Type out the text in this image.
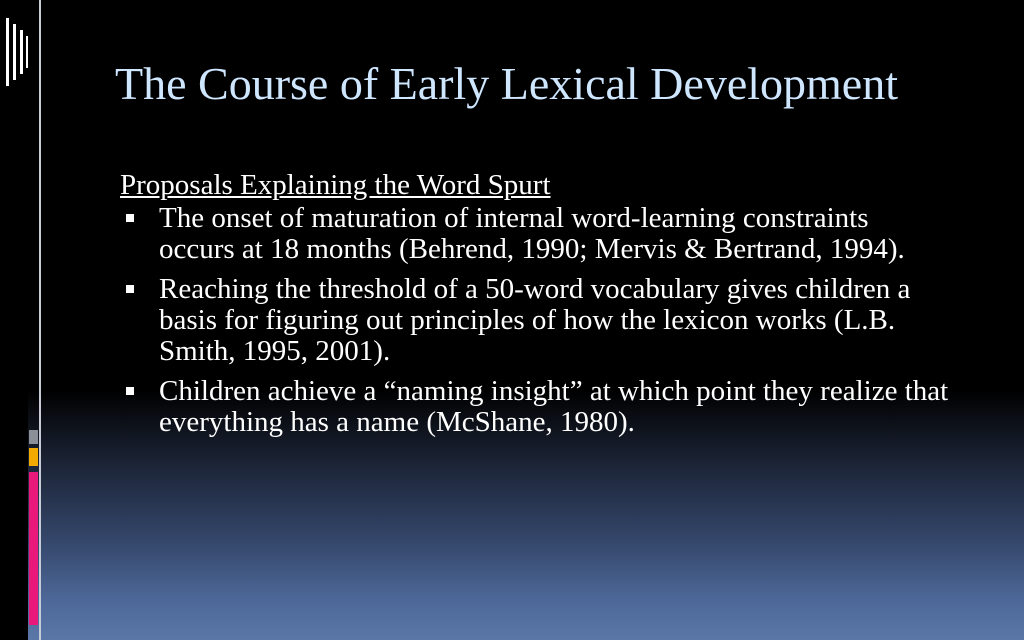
The Course of Early Lexical Development
Proposals Explaining the Word Spurt
The onset of maturation of internal word-learning constraints occurs at 18 months (Behrend, 1990; Mervis & Bertrand, 1994).
Reaching the threshold of a 50-word vocabulary gives children a basis for figuring out principles of how the lexicon works (L.B. Smith, 1995, 2001).
Children achieve a “naming insight” at which point they realize that everything has a name (McShane, 1980).
